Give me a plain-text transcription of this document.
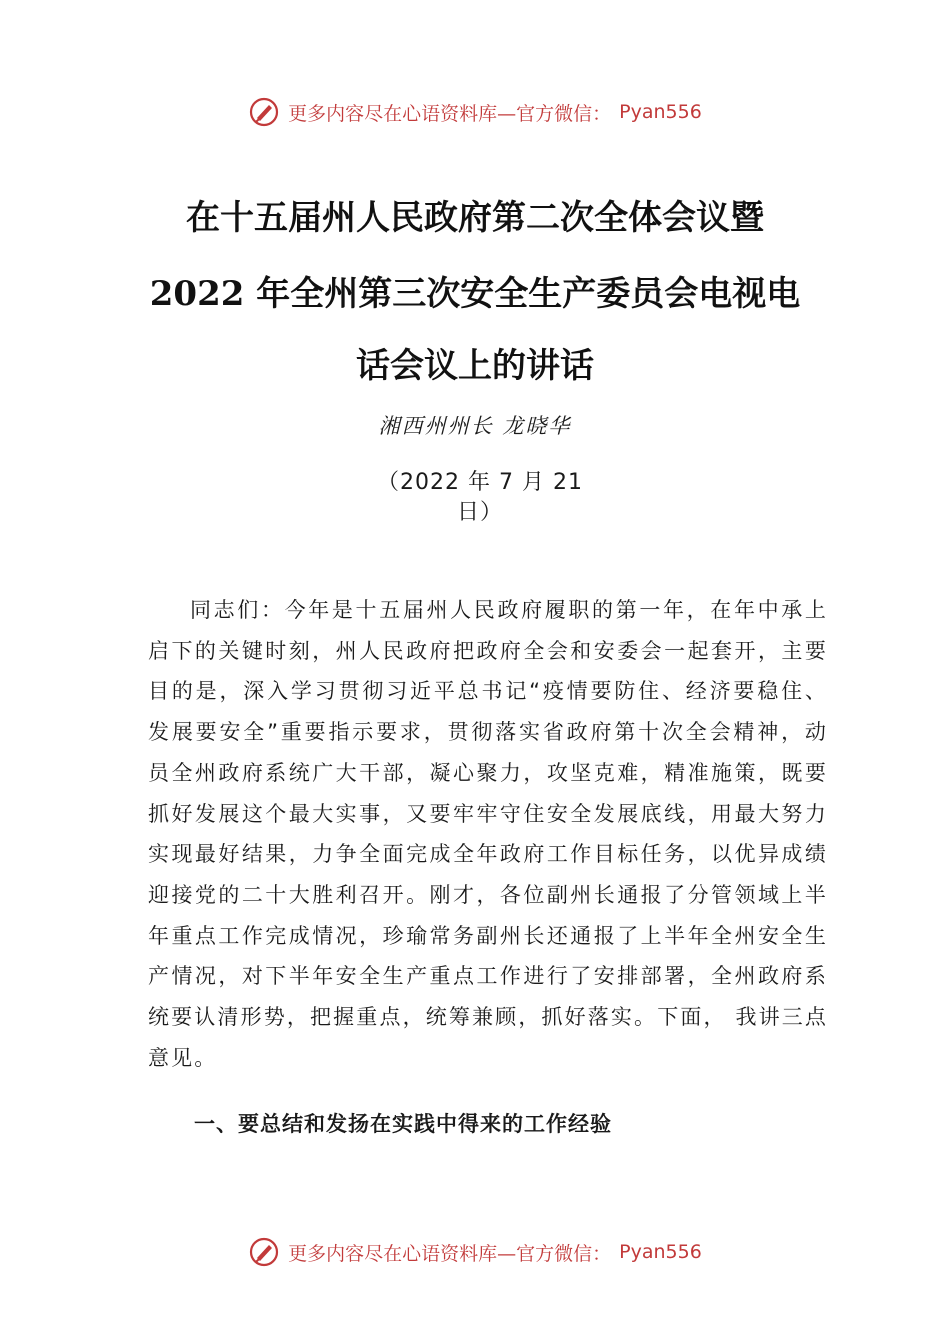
更多内容尽在心语资料库—官方微信： Pyan556
在十五届州人民政府第二次全体会议暨
2022 年全州第三次安全生产委员会电视电
话会议上的讲话
湘西州州长 龙晓华
（2022 年 7 月 21
日）

同志们：今年是十五届州人民政府履职的第一年，在年中承上启下的关键时刻，州人民政府把政府全会和安委会一起套开，主要目的是，深入学习贯彻习近平总书记“疫情要防住、经济要稳住、发展要安全”重要指示要求，贯彻落实省政府第十次全会精神，动员全州政府系统广大干部，凝心聚力，攻坚克难，精准施策，既要抓好发展这个最大实事，又要牢牢守住安全发展底线，用最大努力实现最好结果，力争全面完成全年政府工作目标任务，以优异成绩迎接党的二十大胜利召开。刚才，各位副州长通报了分管领域上半年重点工作完成情况，珍瑜常务副州长还通报了上半年全州安全生产情况，对下半年安全生产重点工作进行了安排部署，全州政府系统要认清形势，把握重点，统筹兼顾，抓好落实。下面， 我讲三点意见。

一、要总结和发扬在实践中得来的工作经验
更多内容尽在心语资料库—官方微信： Pyan556
